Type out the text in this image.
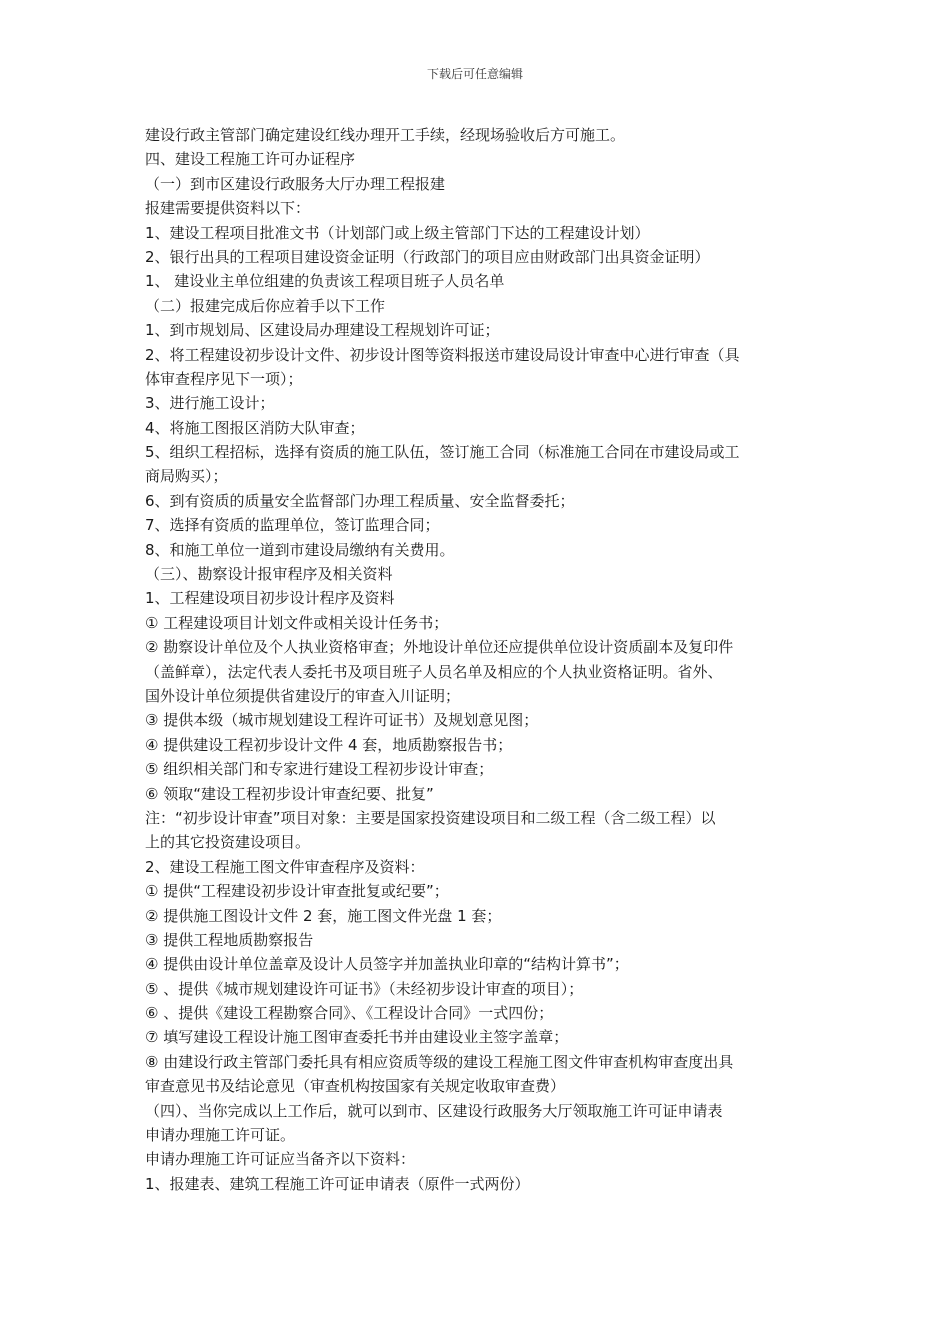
下载后可任意编辑
建设行政主管部门确定建设红线办理开工手续，经现场验收后方可施工。
四、建设工程施工许可办证程序
（一）到市区建设行政服务大厅办理工程报建
报建需要提供资料以下：
1、建设工程项目批准文书（计划部门或上级主管部门下达的工程建设计划）
2、银行出具的工程项目建设资金证明（行政部门的项目应由财政部门出具资金证明）
1、 建设业主单位组建的负责该工程项目班子人员名单
（二）报建完成后你应着手以下工作
1、到市规划局、区建设局办理建设工程规划许可证；
2、将工程建设初步设计文件、初步设计图等资料报送市建设局设计审查中心进行审查（具
体审查程序见下一项）；
3、进行施工设计；
4、将施工图报区消防大队审查；
5、组织工程招标，选择有资质的施工队伍，签订施工合同（标准施工合同在市建设局或工
商局购买）；
6、到有资质的质量安全监督部门办理工程质量、安全监督委托；
7、选择有资质的监理单位，签订监理合同；
8、和施工单位一道到市建设局缴纳有关费用。
（三）、勘察设计报审程序及相关资料
1、工程建设项目初步设计程序及资料
① 工程建设项目计划文件或相关设计任务书；
② 勘察设计单位及个人执业资格审查；外地设计单位还应提供单位设计资质副本及复印件
（盖鲜章），法定代表人委托书及项目班子人员名单及相应的个人执业资格证明。省外、
国外设计单位须提供省建设厅的审查入川证明；
③ 提供本级（城市规划建设工程许可证书）及规划意见图；
④ 提供建设工程初步设计文件 4 套，地质勘察报告书；
⑤ 组织相关部门和专家进行建设工程初步设计审查；
⑥ 领取“建设工程初步设计审查纪要、批复”
注：“初步设计审查”项目对象：主要是国家投资建设项目和二级工程（含二级工程）以
上的其它投资建设项目。
2、建设工程施工图文件审查程序及资料：
① 提供“工程建设初步设计审查批复或纪要”；
② 提供施工图设计文件 2 套，施工图文件光盘 1 套；
③ 提供工程地质勘察报告
④ 提供由设计单位盖章及设计人员签字并加盖执业印章的“结构计算书”；
⑤ 、提供《城市规划建设许可证书》（未经初步设计审查的项目）；
⑥ 、提供《建设工程勘察合同》、《工程设计合同》一式四份；
⑦ 填写建设工程设计施工图审查委托书并由建设业主签字盖章；
⑧ 由建设行政主管部门委托具有相应资质等级的建设工程施工图文件审查机构审查度出具
审查意见书及结论意见（审查机构按国家有关规定收取审查费）
（四）、当你完成以上工作后，就可以到市、区建设行政服务大厅领取施工许可证申请表
申请办理施工许可证。
申请办理施工许可证应当备齐以下资料：
1、报建表、建筑工程施工许可证申请表（原件一式两份）
